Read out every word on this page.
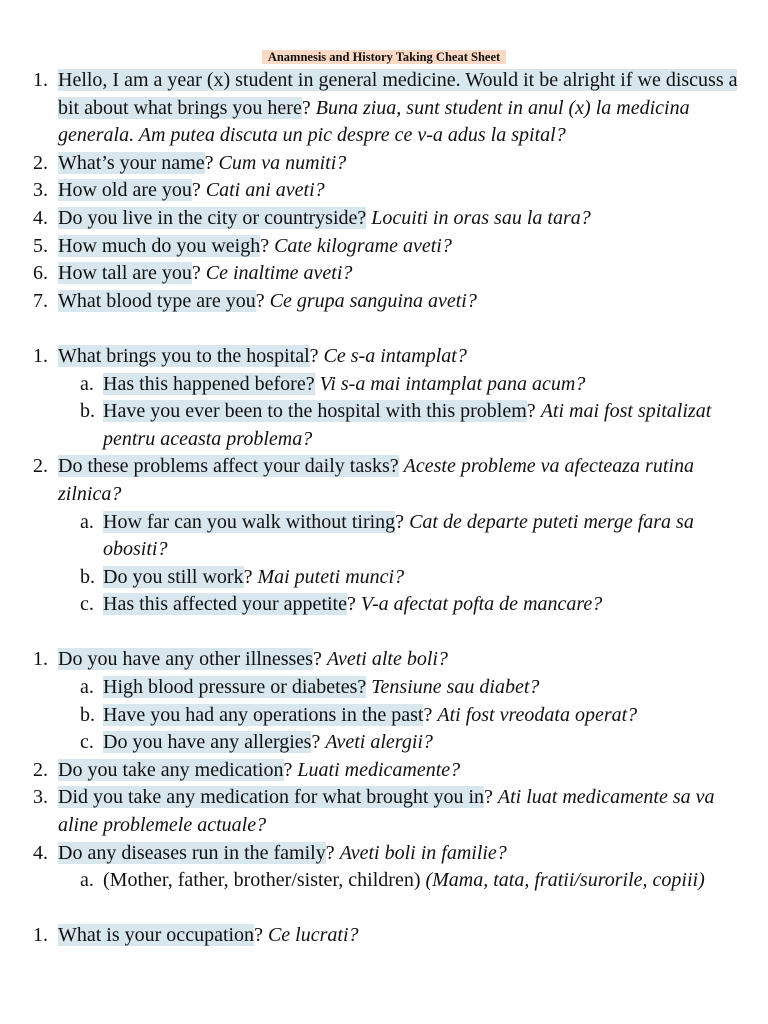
Anamnesis and History Taking Cheat Sheet
1. Hello, I am a year (x) student in general medicine. Would it be alright if we discuss a bit about what brings you here? Buna ziua, sunt student in anul (x) la medicina generala. Am putea discuta un pic despre ce v-a adus la spital?
2. What’s your name? Cum va numiti?
3. How old are you? Cati ani aveti?
4. Do you live in the city or countryside? Locuiti in oras sau la tara?
5. How much do you weigh? Cate kilograme aveti?
6. How tall are you? Ce inaltime aveti?
7. What blood type are you? Ce grupa sanguina aveti?
1. What brings you to the hospital? Ce s-a intamplat?
a. Has this happened before? Vi s-a mai intamplat pana acum?
b. Have you ever been to the hospital with this problem? Ati mai fost spitalizat pentru aceasta problema?
2. Do these problems affect your daily tasks? Aceste probleme va afecteaza rutina zilnica?
a. How far can you walk without tiring? Cat de departe puteti merge fara sa obositi?
b. Do you still work? Mai puteti munci?
c. Has this affected your appetite? V-a afectat pofta de mancare?
1. Do you have any other illnesses? Aveti alte boli?
a. High blood pressure or diabetes? Tensiune sau diabet?
b. Have you had any operations in the past? Ati fost vreodata operat?
c. Do you have any allergies? Aveti alergii?
2. Do you take any medication? Luati medicamente?
3. Did you take any medication for what brought you in? Ati luat medicamente sa va aline problemele actuale?
4. Do any diseases run in the family? Aveti boli in familie?
a. (Mother, father, brother/sister, children) (Mama, tata, fratii/surorile, copiii)
1. What is your occupation? Ce lucrati?
